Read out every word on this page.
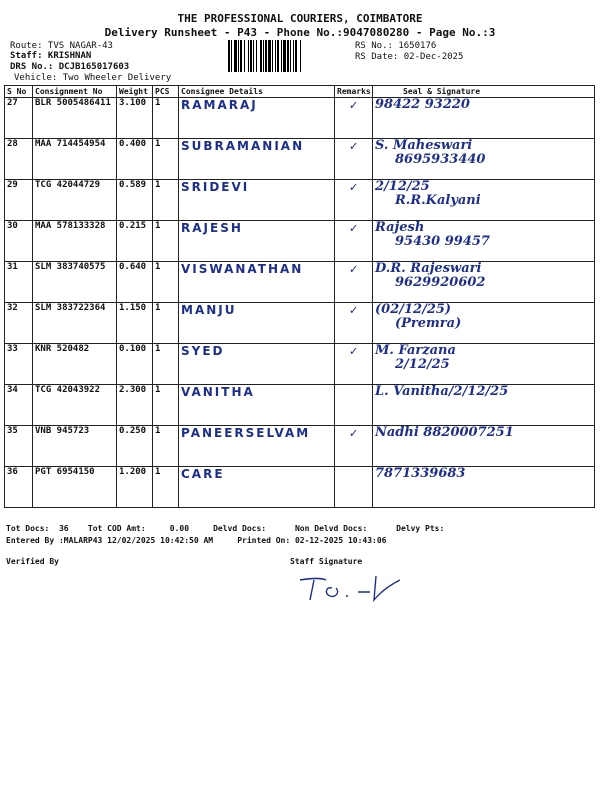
THE PROFESSIONAL COURIERS, COIMBATORE
Delivery Runsheet - P43 - Phone No.:9047080280 - Page No.:3
Route: TVS NAGAR-43
Staff: KRISHNAN
DRS No.: DCJB165017603
Vehicle: Two Wheeler Delivery
RS No.: 1650176
RS Date: 02-Dec-2025
S No	Consignment No	Weight	PCS	Consignee Details	Remarks	Seal & Signature
27	BLR 5005486411	3.100	1	RAMARAJ	✓	98422 93220

28	MAA 714454954	0.400	1	SUBRAMANIAN	✓	S. Maheswari
8695933440

29	TCG 42044729	0.589	1	SRIDEVI	✓	2/12/25
R.R.Kalyani

30	MAA 578133328	0.215	1	RAJESH	✓	Rajesh
95430 99457

31	SLM 383740575	0.640	1	VISWANATHAN	✓	D.R. Rajeswari
9629920602

32	SLM 383722364	1.150	1	MANJU	✓	(02/12/25)
(Premra)

33	KNR 520482	0.100	1	SYED	✓	M. Farzana
2/12/25

34	TCG 42043922	2.300	1	VANITHA		L. Vanitha/2/12/25

35	VNB 945723	0.250	1	PANEERSELVAM	✓	Nadhi 8820007251

36	PGT 6954150	1.200	1	CARE		7871339683
Tot Docs:  36    Tot COD Amt:     0.00     Delvd Docs:      Non Delvd Docs:      Delvy Pts:
Entered By :MALARP43 12/02/2025 10:42:50 AM     Printed On: 02-12-2025 10:43:06
Verified By	Staff Signature
